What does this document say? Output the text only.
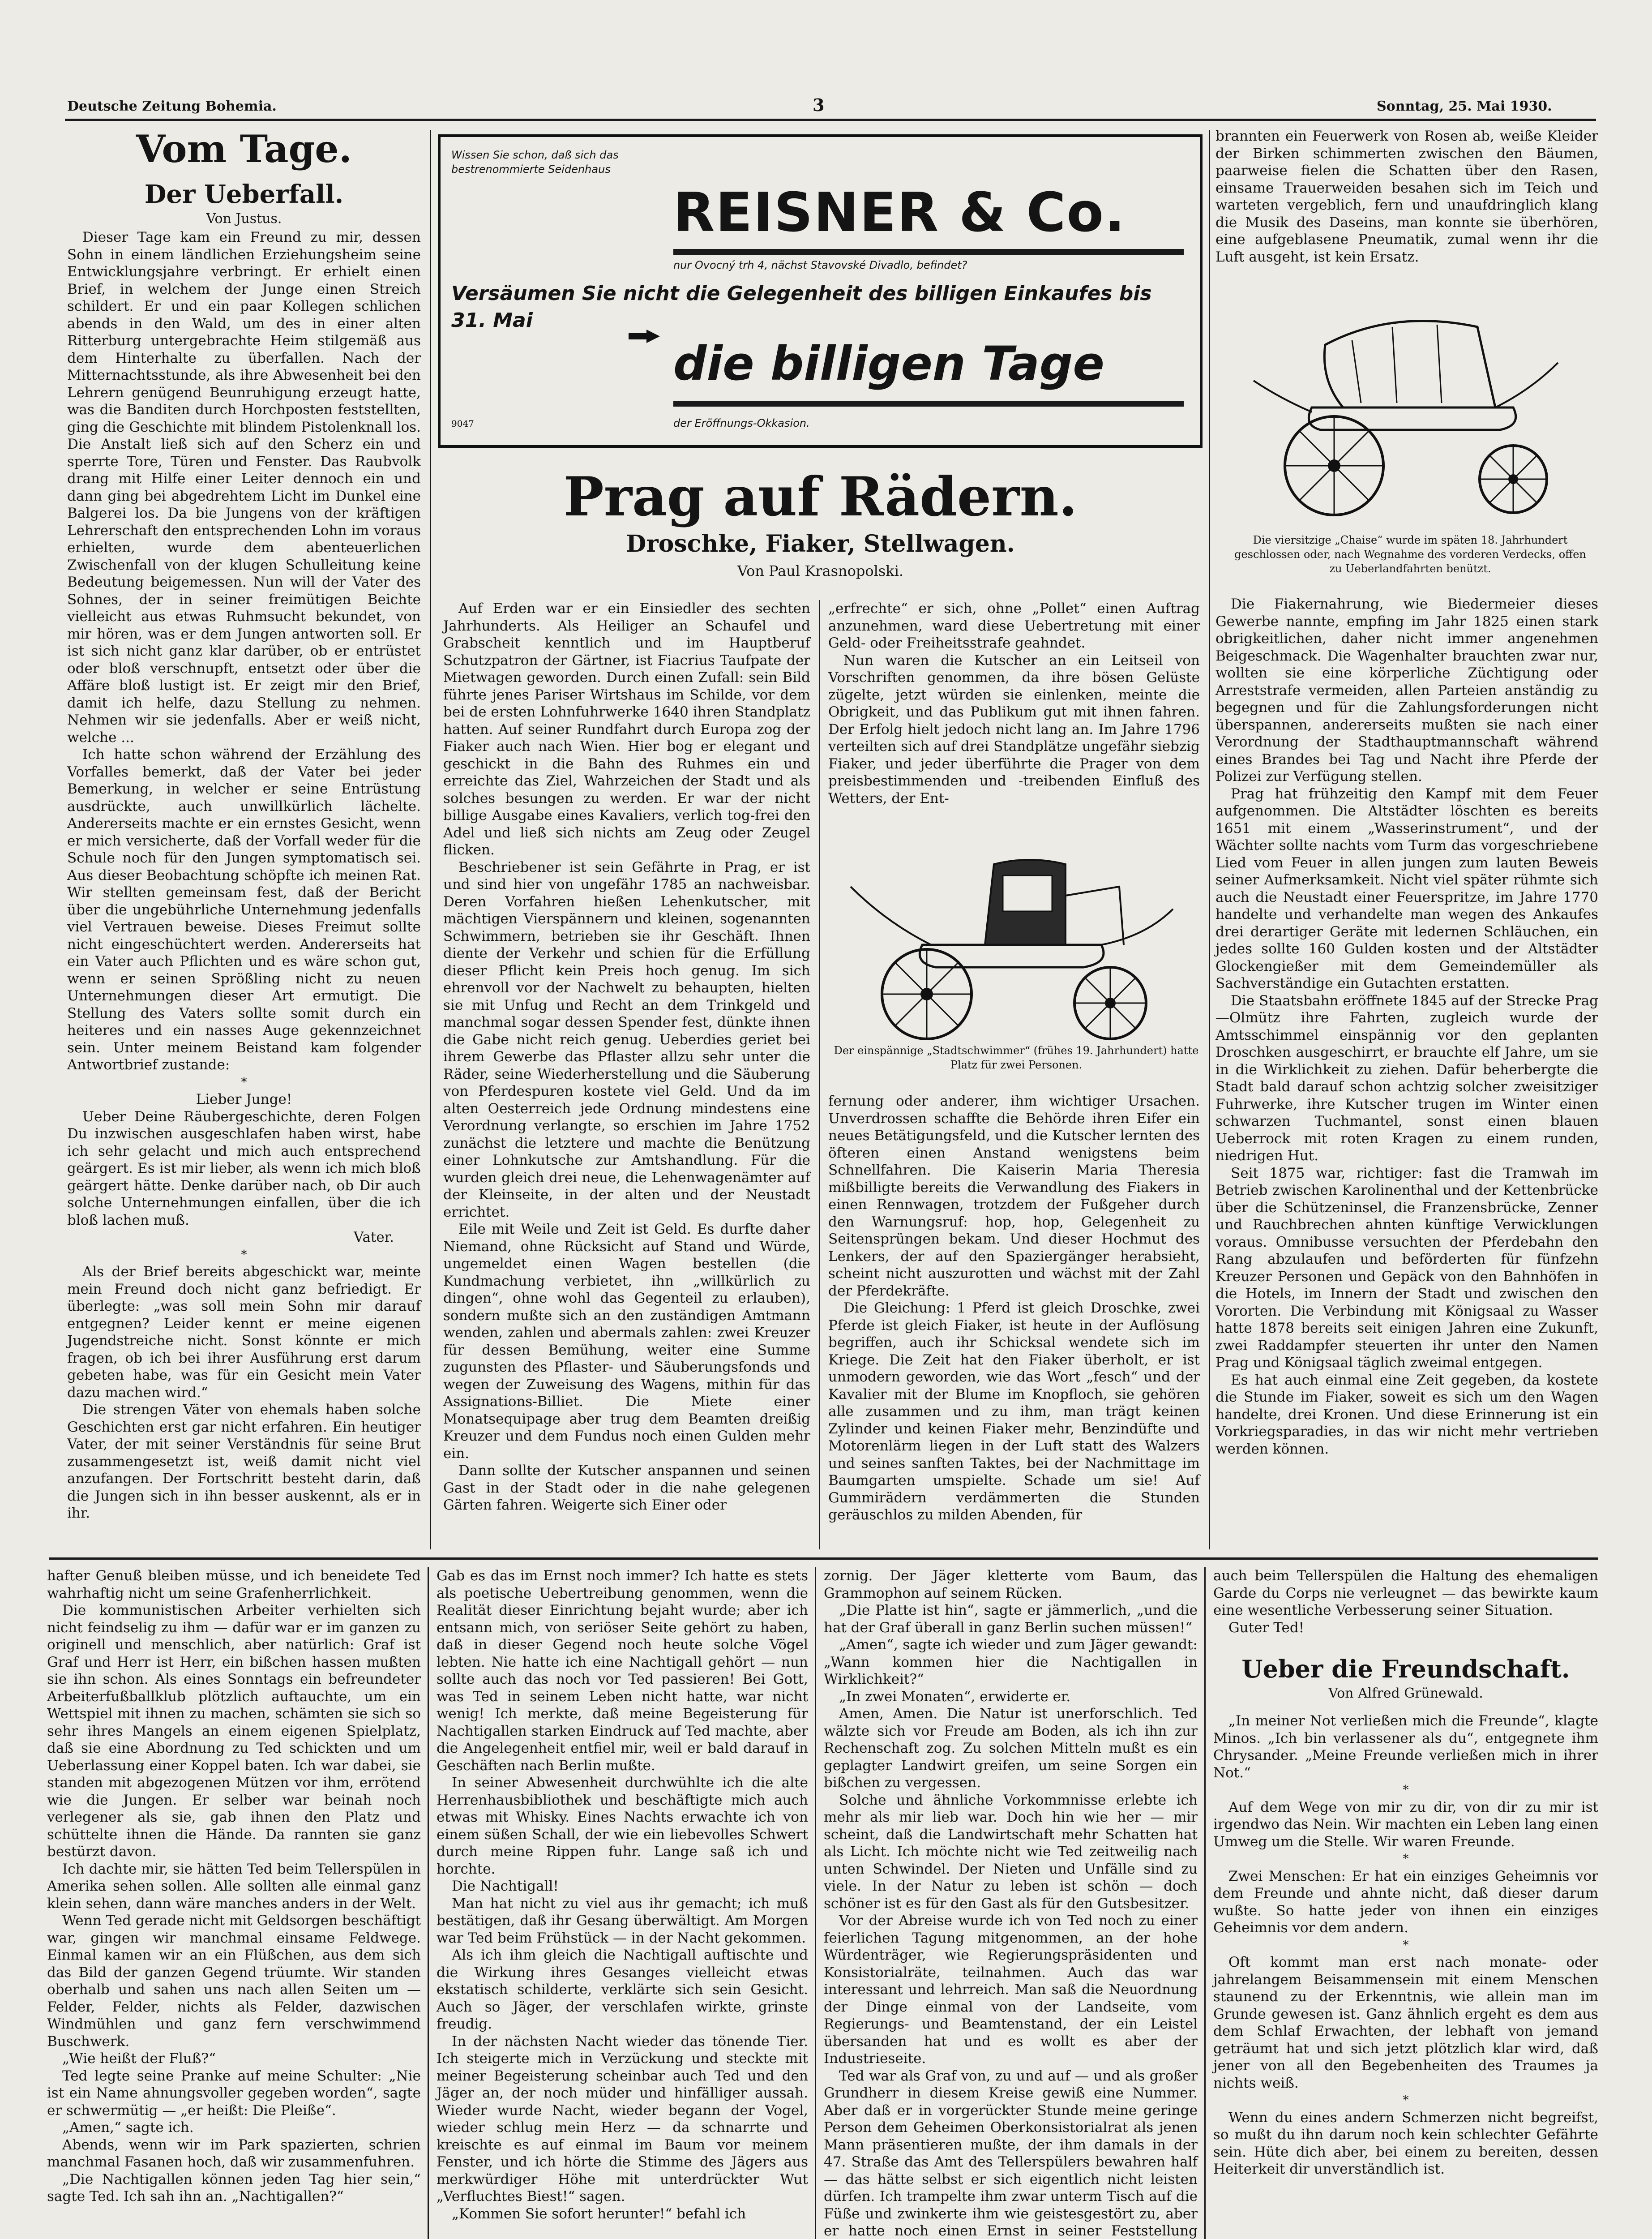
Deutsche Zeitung Bohemia.	3	Sonntag, 25. Mai 1930.
Vom Tage.
Der Ueberfall.
Von Justus.

Dieser Tage kam ein Freund zu mir, dessen Sohn in einem ländlichen Erziehungsheim seine Entwicklungsjahre verbringt. Er erhielt einen Brief, in welchem der Junge einen Streich schildert. Er und ein paar Kollegen schlichen abends in den Wald, um des in einer alten Ritterburg untergebrachte Heim stilgemäß aus dem Hinterhalte zu überfallen. Nach der Mitternachtsstunde, als ihre Abwesenheit bei den Lehrern genügend Beunruhigung erzeugt hatte, was die Banditen durch Horchposten feststellten, ging die Geschichte mit blindem Pistolenknall los. Die Anstalt ließ sich auf den Scherz ein und sperrte Tore, Türen und Fenster. Das Raubvolk drang mit Hilfe einer Leiter dennoch ein und dann ging bei abgedrehtem Licht im Dunkel eine Balgerei los. Da bie Jungens von der kräftigen Lehrerschaft den entsprechenden Lohn im voraus erhielten, wurde dem abenteuerlichen Zwischenfall von der klugen Schulleitung keine Bedeutung beigemessen. Nun will der Vater des Sohnes, der in seiner freimütigen Beichte vielleicht aus etwas Ruhmsucht bekundet, von mir hören, was er dem Jungen antworten soll. Er ist sich nicht ganz klar darüber, ob er entrüstet oder bloß verschnupft, entsetzt oder über die Affäre bloß lustigt ist. Er zeigt mir den Brief, damit ich helfe, dazu Stellung zu nehmen. Nehmen wir sie jedenfalls. Aber er weiß nicht, welche ...

Ich hatte schon während der Erzählung des Vorfalles bemerkt, daß der Vater bei jeder Bemerkung, in welcher er seine Entrüstung ausdrückte, auch unwillkürlich lächelte. Andererseits machte er ein ernstes Gesicht, wenn er mich versicherte, daß der Vorfall weder für die Schule noch für den Jungen symptomatisch sei. Aus dieser Beobachtung schöpfte ich meinen Rat. Wir stellten gemeinsam fest, daß der Bericht über die ungebührliche Unternehmung jedenfalls viel Vertrauen beweise. Dieses Freimut sollte nicht eingeschüchtert werden. Andererseits hat ein Vater auch Pflichten und es wäre schon gut, wenn er seinen Sprößling nicht zu neuen Unternehmungen dieser Art ermutigt. Die Stellung des Vaters sollte somit durch ein heiteres und ein nasses Auge gekennzeichnet sein. Unter meinem Beistand kam folgender Antwortbrief zustande:

*
Lieber Junge!

Ueber Deine Räubergeschichte, deren Folgen Du inzwischen ausgeschlafen haben wirst, habe ich sehr gelacht und mich auch entsprechend geärgert. Es ist mir lieber, als wenn ich mich bloß geärgert hätte. Denke darüber nach, ob Dir auch solche Unternehmungen einfallen, über die ich bloß lachen muß.

Vater.
*

Als der Brief bereits abgeschickt war, meinte mein Freund doch nicht ganz befriedigt. Er überlegte: „was soll mein Sohn mir darauf entgegnen? Leider kennt er meine eigenen Jugendstreiche nicht. Sonst könnte er mich fragen, ob ich bei ihrer Ausführung erst darum gebeten habe, was für ein Gesicht mein Vater dazu machen wird.“

Die strengen Väter von ehemals haben solche Geschichten erst gar nicht erfahren. Ein heutiger Vater, der mit seiner Verständnis für seine Brut zusammengesetzt ist, weiß damit nicht viel anzufangen. Der Fortschritt besteht darin, daß die Jungen sich in ihn besser auskennt, als er in ihr.

Wissen Sie schon, daß sich das bestrenommierte Seidenhaus
REISNER & Co.
nur Ovocný trh 4, nächst Stavovské Divadlo, befindet?
Versäumen Sie nicht die Gelegenheit des billigen Einkaufes bis 31. Mai
die billigen Tage
9047	der Eröffnungs-Okkasion.
Prag auf Rädern.
Droschke, Fiaker, Stellwagen.
Von Paul Krasnopolski.

Auf Erden war er ein Einsiedler des sechten Jahrhunderts. Als Heiliger an Schaufel und Grabscheit kenntlich und im Hauptberuf Schutzpatron der Gärtner, ist Fiacrius Taufpate der Mietwagen geworden. Durch einen Zufall: sein Bild führte jenes Pariser Wirtshaus im Schilde, vor dem bei de ersten Lohnfuhrwerke 1640 ihren Standplatz hatten. Auf seiner Rundfahrt durch Europa zog der Fiaker auch nach Wien. Hier bog er elegant und geschickt in die Bahn des Ruhmes ein und erreichte das Ziel, Wahrzeichen der Stadt und als solches besungen zu werden. Er war der nicht billige Ausgabe eines Kavaliers, verlich tog-frei den Adel und ließ sich nichts am Zeug oder Zeugel flicken.

Beschriebener ist sein Gefährte in Prag, er ist und sind hier von ungefähr 1785 an nachweisbar. Deren Vorfahren hießen Lehenkutscher, mit mächtigen Vierspännern und kleinen, sogenannten Schwimmern, betrieben sie ihr Geschäft. Ihnen diente der Verkehr und schien für die Erfüllung dieser Pflicht kein Preis hoch genug. Im sich ehrenvoll vor der Nachwelt zu behaupten, hielten sie mit Unfug und Recht an dem Trinkgeld und manchmal sogar dessen Spender fest, dünkte ihnen die Gabe nicht reich genug. Ueberdies geriet bei ihrem Gewerbe das Pflaster allzu sehr unter die Räder, seine Wiederherstellung und die Säuberung von Pferdespuren kostete viel Geld. Und da im alten Oesterreich jede Ordnung mindestens eine Verordnung verlangte, so erschien im Jahre 1752 zunächst die letztere und machte die Benützung einer Lohnkutsche zur Amtshandlung. Für die wurden gleich drei neue, die Lehenwagenämter auf der Kleinseite, in der alten und der Neustadt errichtet.

Eile mit Weile und Zeit ist Geld. Es durfte daher Niemand, ohne Rücksicht auf Stand und Würde, ungemeldet einen Wagen bestellen (die Kundmachung verbietet, ihn „willkürlich zu dingen“, ohne wohl das Gegenteil zu erlauben), sondern mußte sich an den zuständigen Amtmann wenden, zahlen und abermals zahlen: zwei Kreuzer für dessen Bemühung, weiter eine Summe zugunsten des Pflaster- und Säuberungsfonds und wegen der Zuweisung des Wagens, mithin für das Assignations-Billiet. Die Miete einer Monatsequipage aber trug dem Beamten dreißig Kreuzer und dem Fundus noch einen Gulden mehr ein.

Dann sollte der Kutscher anspannen und seinen Gast in der Stadt oder in die nahe gelegenen Gärten fahren. Weigerte sich Einer oder

„erfrechte“ er sich, ohne „Pollet“ einen Auftrag anzunehmen, ward diese Uebertretung mit einer Geld- oder Freiheitsstrafe geahndet.

Nun waren die Kutscher an ein Leitseil von Vorschriften genommen, da ihre bösen Gelüste zügelte, jetzt würden sie einlenken, meinte die Obrigkeit, und das Publikum gut mit ihnen fahren. Der Erfolg hielt jedoch nicht lang an. Im Jahre 1796 verteilten sich auf drei Standplätze ungefähr siebzig Fiaker, und jeder überführte die Prager von dem preisbestimmenden und -treibenden Einfluß des Wetters, der Ent-

Der einspännige „Stadtschwimmer“ (frühes 19. Jahrhundert) hatte Platz für zwei Personen.

fernung oder anderer, ihm wichtiger Ursachen. Unverdrossen schaffte die Behörde ihren Eifer ein neues Betätigungsfeld, und die Kutscher lernten des öfteren einen Anstand wenigstens beim Schnellfahren. Die Kaiserin Maria Theresia mißbilligte bereits die Verwandlung des Fiakers in einen Rennwagen, trotzdem der Fußgeher durch den Warnungsruf: hop, hop, Gelegenheit zu Seitensprüngen bekam. Und dieser Hochmut des Lenkers, der auf den Spaziergänger herabsieht, scheint nicht auszurotten und wächst mit der Zahl der Pferdekräfte.

Die Gleichung: 1 Pferd ist gleich Droschke, zwei Pferde ist gleich Fiaker, ist heute in der Auflösung begriffen, auch ihr Schicksal wendete sich im Kriege. Die Zeit hat den Fiaker überholt, er ist unmodern geworden, wie das Wort „fesch“ und der Kavalier mit der Blume im Knopfloch, sie gehören alle zusammen und zu ihm, man trägt keinen Zylinder und keinen Fiaker mehr, Benzindüfte und Motorenlärm liegen in der Luft statt des Walzers und seines sanften Taktes, bei der Nachmittage im Baumgarten umspielte. Schade um sie! Auf Gummirädern verdämmerten die Stunden geräuschlos zu milden Abenden, für

brannten ein Feuerwerk von Rosen ab, weiße Kleider der Birken schimmerten zwischen den Bäumen, paarweise fielen die Schatten über den Rasen, einsame Trauerweiden besahen sich im Teich und warteten vergeblich, fern und unaufdringlich klang die Musik des Daseins, man konnte sie überhören, eine aufgeblasene Pneumatik, zumal wenn ihr die Luft ausgeht, ist kein Ersatz.

Die viersitzige „Chaise“ wurde im späten 18. Jahrhundert geschlossen oder, nach Wegnahme des vorderen Verdecks, offen zu Ueberlandfahrten benützt.

Die Fiakernahrung, wie Biedermeier dieses Gewerbe nannte, empfing im Jahr 1825 einen stark obrigkeitlichen, daher nicht immer angenehmen Beigeschmack. Die Wagenhalter brauchten zwar nur, wollten sie eine körperliche Züchtigung oder Arreststrafe vermeiden, allen Parteien anständig zu begegnen und für die Zahlungsforderungen nicht überspannen, andererseits mußten sie nach einer Verordnung der Stadthauptmannschaft während eines Brandes bei Tag und Nacht ihre Pferde der Polizei zur Verfügung stellen.

Prag hat frühzeitig den Kampf mit dem Feuer aufgenommen. Die Altstädter löschten es bereits 1651 mit einem „Wasserinstrument“, und der Wächter sollte nachts vom Turm das vorgeschriebene Lied vom Feuer in allen jungen zum lauten Beweis seiner Aufmerksamkeit. Nicht viel später rühmte sich auch die Neustadt einer Feuerspritze, im Jahre 1770 handelte und verhandelte man wegen des Ankaufes drei derartiger Geräte mit ledernen Schläuchen, ein jedes sollte 160 Gulden kosten und der Altstädter Glockengießer mit dem Gemeindemüller als Sachverständige ein Gutachten erstatten.

Die Staatsbahn eröffnete 1845 auf der Strecke Prag—Olmütz ihre Fahrten, zugleich wurde der Amtsschimmel einspännig vor den geplanten Droschken ausgeschirrt, er brauchte elf Jahre, um sie in die Wirklichkeit zu ziehen. Dafür beherbergte die Stadt bald darauf schon achtzig solcher zweisitziger Fuhrwerke, ihre Kutscher trugen im Winter einen schwarzen Tuchmantel, sonst einen blauen Ueberrock mit roten Kragen zu einem runden, niedrigen Hut.

Seit 1875 war, richtiger: fast die Tramwah im Betrieb zwischen Karolinenthal und der Kettenbrücke über die Schützeninsel, die Franzensbrücke, Zenner und Rauchbrechen ahnten künftige Verwicklungen voraus. Omnibusse versuchten der Pferdebahn den Rang abzulaufen und beförderten für fünfzehn Kreuzer Personen und Gepäck von den Bahnhöfen in die Hotels, im Innern der Stadt und zwischen den Vororten. Die Verbindung mit Königsaal zu Wasser hatte 1878 bereits seit einigen Jahren eine Zukunft, zwei Raddampfer steuerten ihr unter den Namen Prag und Königsaal täglich zweimal entgegen.

Es hat auch einmal eine Zeit gegeben, da kostete die Stunde im Fiaker, soweit es sich um den Wagen handelte, drei Kronen. Und diese Erinnerung ist ein Vorkriegsparadies, in das wir nicht mehr vertrieben werden können.

hafter Genuß bleiben müsse, und ich beneidete Ted wahrhaftig nicht um seine Grafenherrlichkeit.

Die kommunistischen Arbeiter verhielten sich nicht feindselig zu ihm — dafür war er im ganzen zu originell und menschlich, aber natürlich: Graf ist Graf und Herr ist Herr, ein bißchen hassen mußten sie ihn schon. Als eines Sonntags ein befreundeter Arbeiterfußballklub plötzlich auftauchte, um ein Wettspiel mit ihnen zu machen, schämten sie sich so sehr ihres Mangels an einem eigenen Spielplatz, daß sie eine Abordnung zu Ted schickten und um Ueberlassung einer Koppel baten. Ich war dabei, sie standen mit abgezogenen Mützen vor ihm, errötend wie die Jungen. Er selber war beinah noch verlegener als sie, gab ihnen den Platz und schüttelte ihnen die Hände. Da rannten sie ganz bestürzt davon.

Ich dachte mir, sie hätten Ted beim Tellerspülen in Amerika sehen sollen. Alle sollten alle einmal ganz klein sehen, dann wäre manches anders in der Welt.

Wenn Ted gerade nicht mit Geldsorgen beschäftigt war, gingen wir manchmal einsame Feldwege. Einmal kamen wir an ein Flüßchen, aus dem sich das Bild der ganzen Gegend trüumte. Wir standen oberhalb und sahen uns nach allen Seiten um — Felder, Felder, nichts als Felder, dazwischen Windmühlen und ganz fern verschwimmend Buschwerk.

„Wie heißt der Fluß?“

Ted legte seine Pranke auf meine Schulter: „Nie ist ein Name ahnungsvoller gegeben worden“, sagte er schwermütig — „er heißt: Die Pleiße“.

„Amen,“ sagte ich.

Abends, wenn wir im Park spazierten, schrien manchmal Fasanen hoch, daß wir zusammenfuhren.

„Die Nachtigallen können jeden Tag hier sein,“ sagte Ted. Ich sah ihn an. „Nachtigallen?“

Gab es das im Ernst noch immer? Ich hatte es stets als poetische Uebertreibung genommen, wenn die Realität dieser Einrichtung bejaht wurde; aber ich entsann mich, von seriöser Seite gehört zu haben, daß in dieser Gegend noch heute solche Vögel lebten. Nie hatte ich eine Nachtigall gehört — nun sollte auch das noch vor Ted passieren! Bei Gott, was Ted in seinem Leben nicht hatte, war nicht wenig! Ich merkte, daß meine Begeisterung für Nachtigallen starken Eindruck auf Ted machte, aber die Angelegenheit entfiel mir, weil er bald darauf in Geschäften nach Berlin mußte.

In seiner Abwesenheit durchwühlte ich die alte Herrenhausbibliothek und beschäftigte mich auch etwas mit Whisky. Eines Nachts erwachte ich von einem süßen Schall, der wie ein liebevolles Schwert durch meine Rippen fuhr. Lange saß ich und horchte.

Die Nachtigall!

Man hat nicht zu viel aus ihr gemacht; ich muß bestätigen, daß ihr Gesang überwältigt. Am Morgen war Ted beim Frühstück — in der Nacht gekommen.

Als ich ihm gleich die Nachtigall auftischte und die Wirkung ihres Gesanges vielleicht etwas ekstatisch schilderte, verklärte sich sein Gesicht. Auch so Jäger, der verschlafen wirkte, grinste freudig.

In der nächsten Nacht wieder das tönende Tier. Ich steigerte mich in Verzückung und steckte mit meiner Begeisterung scheinbar auch Ted und den Jäger an, der noch müder und hinfälliger aussah. Wieder wurde Nacht, wieder begann der Vogel, wieder schlug mein Herz — da schnarrte und kreischte es auf einmal im Baum vor meinem Fenster, und ich hörte die Stimme des Jägers aus merkwürdiger Höhe mit unterdrückter Wut „Verfluchtes Biest!“ sagen.

„Kommen Sie sofort herunter!“ befahl ich

zornig. Der Jäger kletterte vom Baum, das Grammophon auf seinem Rücken.

„Die Platte ist hin“, sagte er jämmerlich, „und die hat der Graf überall in ganz Berlin suchen müssen!“

„Amen“, sagte ich wieder und zum Jäger gewandt: „Wann kommen hier die Nachtigallen in Wirklichkeit?“

„In zwei Monaten“, erwiderte er.

Amen, Amen. Die Natur ist unerforschlich. Ted wälzte sich vor Freude am Boden, als ich ihn zur Rechenschaft zog. Zu solchen Mitteln mußt es ein geplagter Landwirt greifen, um seine Sorgen ein bißchen zu vergessen.

Solche und ähnliche Vorkommnisse erlebte ich mehr als mir lieb war. Doch hin wie her — mir scheint, daß die Landwirtschaft mehr Schatten hat als Licht. Ich möchte nicht wie Ted zeitweilig nach unten Schwindel. Der Nieten und Unfälle sind zu viele. In der Natur zu leben ist schön — doch schöner ist es für den Gast als für den Gutsbesitzer.

Vor der Abreise wurde ich von Ted noch zu einer feierlichen Tagung mitgenommen, an der hohe Würdenträger, wie Regierungspräsidenten und Konsistorialräte, teilnahmen. Auch das war interessant und lehrreich. Man saß die Neuordnung der Dinge einmal von der Landseite, vom Regierungs- und Beamtenstand, der ein Leistel übersanden hat und es wollt es aber der Industrieseite.

Ted war als Graf von, zu und auf — und als großer Grundherr in diesem Kreise gewiß eine Nummer. Aber daß er in vorgerückter Stunde meine geringe Person dem Geheimen Oberkonsistorialrat als jenen Mann präsentieren mußte, der ihm damals in der 47. Straße das Amt des Tellerspülers bewahren half — das hätte selbst er sich eigentlich nicht leisten dürfen. Ich trampelte ihm zwar unterm Tisch auf die Füße und zwinkerte ihm wie geistesgestört zu, aber er hatte noch einen Ernst in seiner Feststellung

auch beim Tellerspülen die Haltung des ehemaligen Garde du Corps nie verleugnet — das bewirkte kaum eine wesentliche Verbesserung seiner Situation.

Guter Ted!

Ueber die Freundschaft.
Von Alfred Grünewald.

„In meiner Not verließen mich die Freunde“, klagte Minos. „Ich bin verlassener als du“, entgegnete ihm Chrysander. „Meine Freunde verließen mich in ihrer Not.“

*

Auf dem Wege von mir zu dir, von dir zu mir ist irgendwo das Nein. Wir machten ein Leben lang einen Umweg um die Stelle. Wir waren Freunde.

*

Zwei Menschen: Er hat ein einziges Geheimnis vor dem Freunde und ahnte nicht, daß dieser darum wußte. So hatte jeder von ihnen ein einziges Geheimnis vor dem andern.

*

Oft kommt man erst nach monate- oder jahrelangem Beisammensein mit einem Menschen staunend zu der Erkenntnis, wie allein man im Grunde gewesen ist. Ganz ähnlich ergeht es dem aus dem Schlaf Erwachten, der lebhaft von jemand geträumt hat und sich jetzt plötzlich klar wird, daß jener von all den Begebenheiten des Traumes ja nichts weiß.

*

Wenn du eines andern Schmerzen nicht begreifst, so mußt du ihn darum noch kein schlechter Gefährte sein. Hüte dich aber, bei einem zu bereiten, dessen Heiterkeit dir unverständlich ist.
